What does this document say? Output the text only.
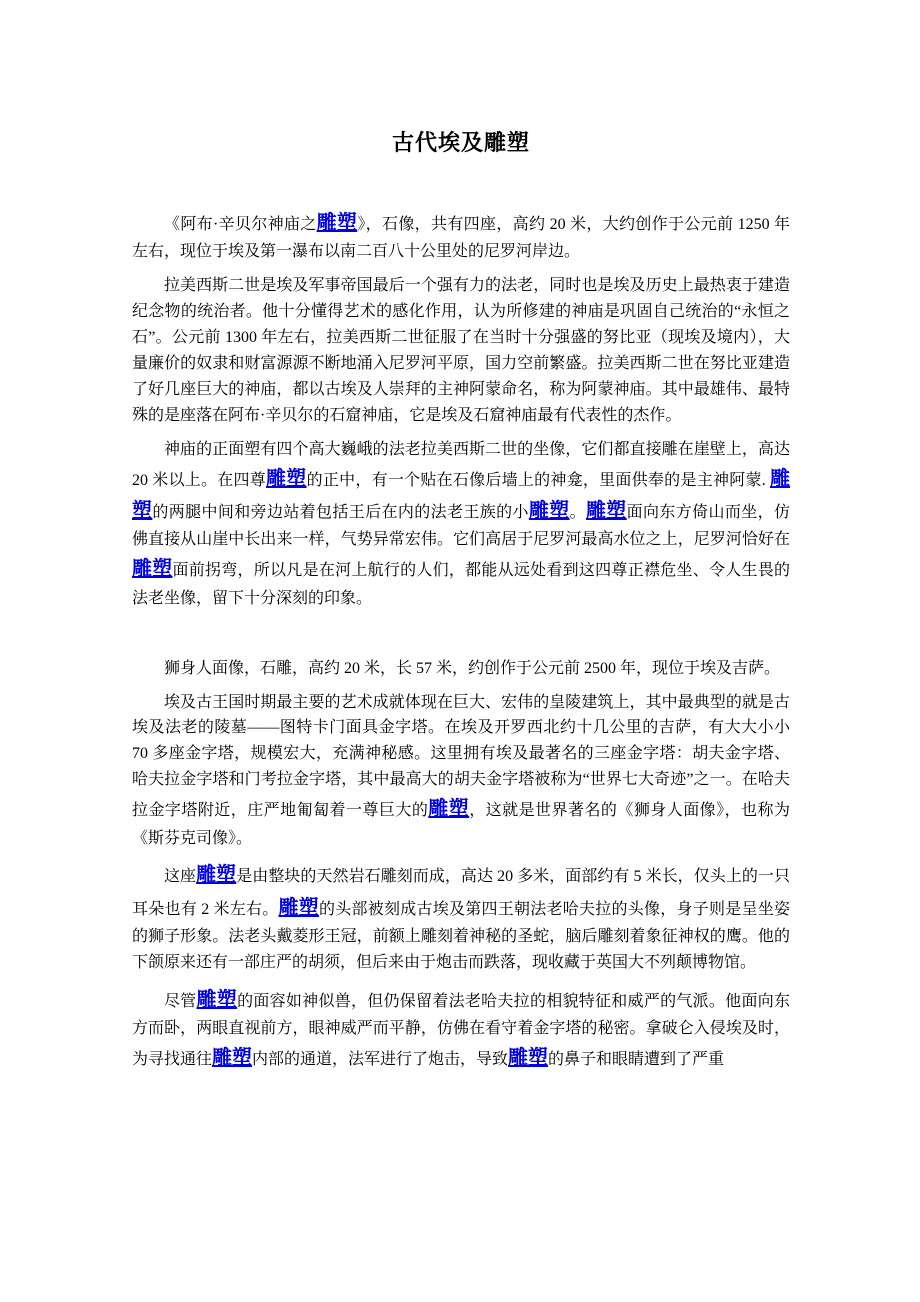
古代埃及雕塑

《阿布·辛贝尔神庙之雕塑》，石像，共有四座，高约 20 米，大约创作于公元前 1250 年左右，现位于埃及第一瀑布以南二百八十公里处的尼罗河岸边。

拉美西斯二世是埃及军事帝国最后一个强有力的法老，同时也是埃及历史上最热衷于建造纪念物的统治者。他十分懂得艺术的感化作用，认为所修建的神庙是巩固自己统治的“永恒之石”。公元前 1300 年左右，拉美西斯二世征服了在当时十分强盛的努比亚（现埃及境内），大量廉价的奴隶和财富源源不断地涌入尼罗河平原，国力空前繁盛。拉美西斯二世在努比亚建造了好几座巨大的神庙，都以古埃及人崇拜的主神阿蒙命名，称为阿蒙神庙。其中最雄伟、最特殊的是座落在阿布·辛贝尔的石窟神庙，它是埃及石窟神庙最有代表性的杰作。

神庙的正面塑有四个高大巍峨的法老拉美西斯二世的坐像，它们都直接雕在崖壁上，高达 20 米以上。在四尊雕塑的正中，有一个贴在石像后墙上的神龛，里面供奉的是主神阿蒙. 雕塑的两腿中间和旁边站着包括王后在内的法老王族的小雕塑。雕塑面向东方倚山而坐，仿佛直接从山崖中长出来一样，气势异常宏伟。它们高居于尼罗河最高水位之上，尼罗河恰好在雕塑面前拐弯，所以凡是在河上航行的人们，都能从远处看到这四尊正襟危坐、令人生畏的法老坐像，留下十分深刻的印象。

狮身人面像，石雕，高约 20 米，长 57 米，约创作于公元前 2500 年，现位于埃及吉萨。

埃及古王国时期最主要的艺术成就体现在巨大、宏伟的皇陵建筑上，其中最典型的就是古埃及法老的陵墓——图特卡门面具金字塔。在埃及开罗西北约十几公里的吉萨，有大大小小 70 多座金字塔，规模宏大，充满神秘感。这里拥有埃及最著名的三座金字塔：胡夫金字塔、哈夫拉金字塔和门考拉金字塔，其中最高大的胡夫金字塔被称为“世界七大奇迹”之一。在哈夫拉金字塔附近，庄严地匍匐着一尊巨大的雕塑，这就是世界著名的《狮身人面像》，也称为《斯芬克司像》。

这座雕塑是由整块的天然岩石雕刻而成，高达 20 多米，面部约有 5 米长，仅头上的一只耳朵也有 2 米左右。雕塑的头部被刻成古埃及第四王朝法老哈夫拉的头像，身子则是呈坐姿的狮子形象。法老头戴菱形王冠，前额上雕刻着神秘的圣蛇，脑后雕刻着象征神权的鹰。他的下颌原来还有一部庄严的胡须，但后来由于炮击而跌落，现收藏于英国大不列颠博物馆。

尽管雕塑的面容如神似兽，但仍保留着法老哈夫拉的相貌特征和威严的气派。他面向东方而卧，两眼直视前方，眼神威严而平静，仿佛在看守着金字塔的秘密。拿破仑入侵埃及时，为寻找通往雕塑内部的通道，法军进行了炮击，导致雕塑的鼻子和眼睛遭到了严重
